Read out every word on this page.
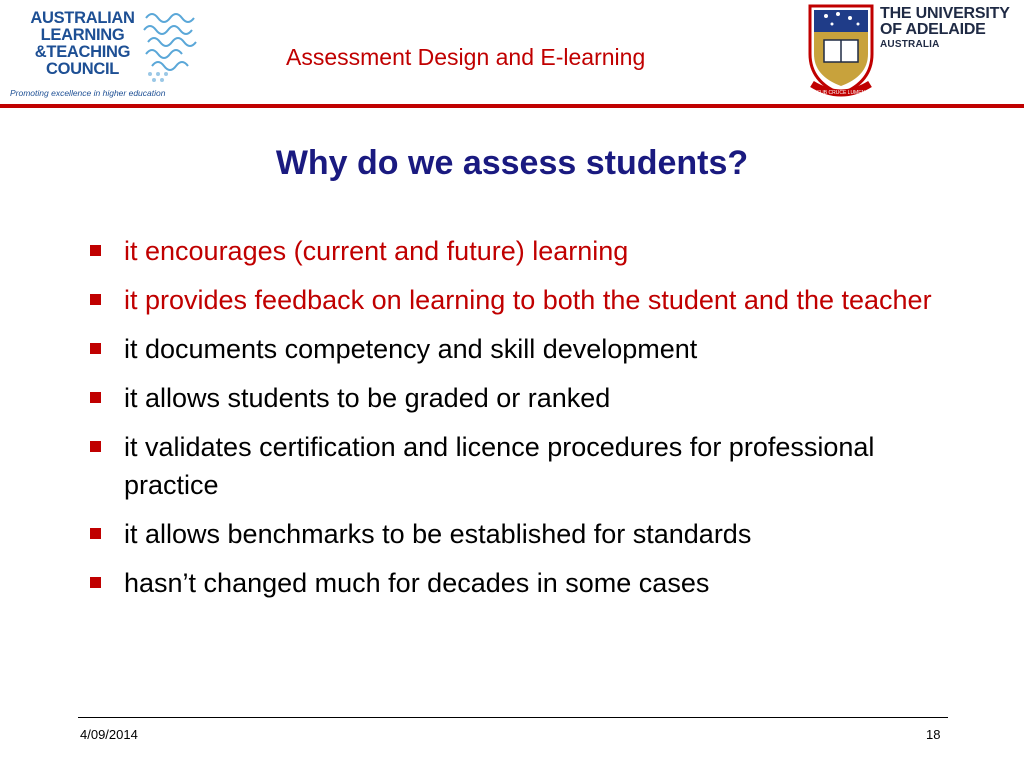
AUSTRALIAN
LEARNING
&TEACHING
COUNCIL
Promoting excellence in higher education
Assessment Design and E-learning
SUB CRUCE LUMEN
THE UNIVERSITY
OF ADELAIDE
AUSTRALIA
Why do we assess students?
it encourages (current and future) learning
it provides feedback on learning to both the student and the teacher
it documents competency and skill development
it allows students to be graded or ranked
it validates certification and licence procedures for professional practice
it allows benchmarks to be established for standards
hasn’t changed much for decades in some cases
4/09/2014	18
